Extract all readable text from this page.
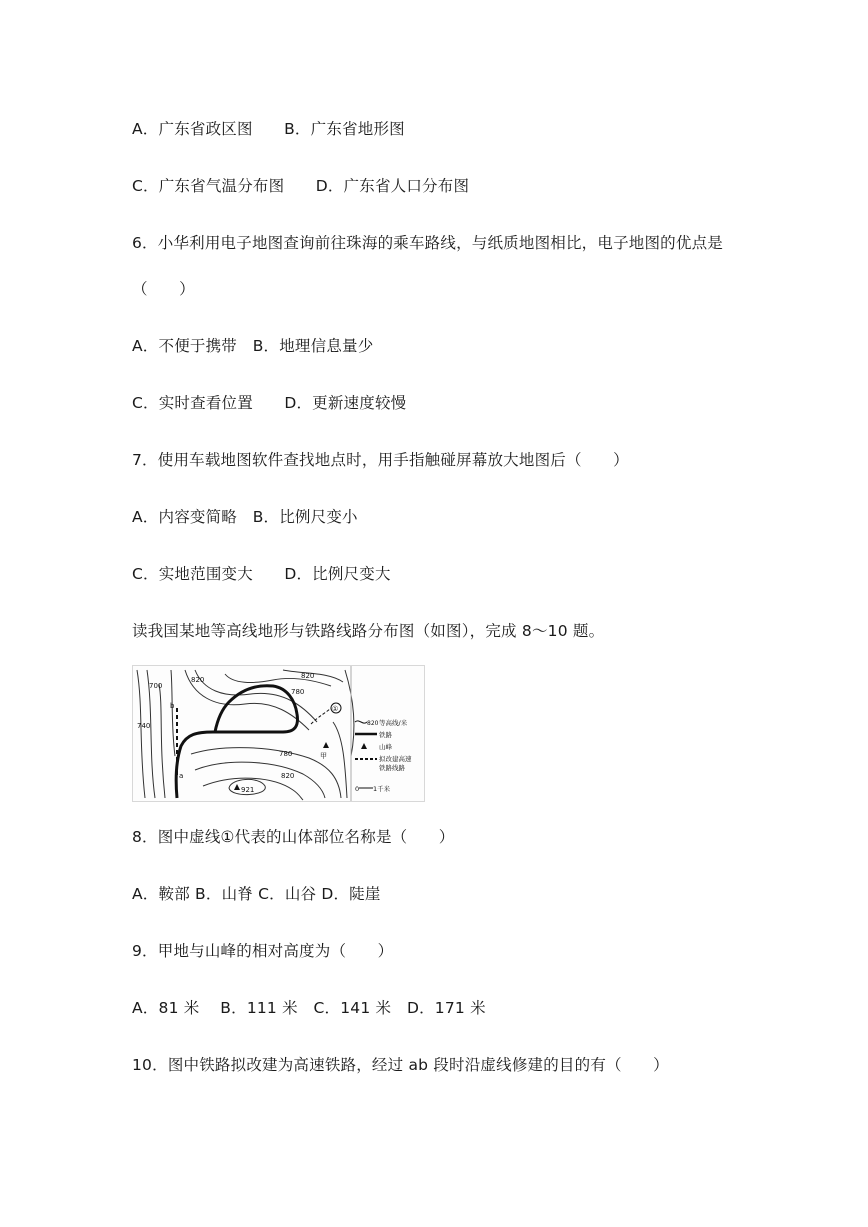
A．广东省政区图　　B．广东省地形图
C．广东省气温分布图　　D．广东省人口分布图
6．小华利用电子地图查询前往珠海的乘车路线，与纸质地图相比，电子地图的优点是
（　　）
A．不便于携带　B．地理信息量少
C．实时查看位置　　D．更新速度较慢
7．使用车载地图软件查找地点时，用手指触碰屏幕放大地图后（　　）
A．内容变简略　B．比例尺变小
C．实地范围变大　　D．比例尺变大
读我国某地等高线地形与铁路线路分布图（如图），完成 8～10 题。
700
820
780
820
740
780
820
b
a
甲
①
921
820 等高线/米
铁路
山峰
拟改建高速
铁路线路
0 1千米
8．图中虚线①代表的山体部位名称是（　　）
A．鞍部 B．山脊 C．山谷 D．陡崖
9．甲地与山峰的相对高度为（　　）
A．81 米　 B．111 米　C．141 米　D．171 米
10．图中铁路拟改建为高速铁路，经过 ab 段时沿虚线修建的目的有（　　）
